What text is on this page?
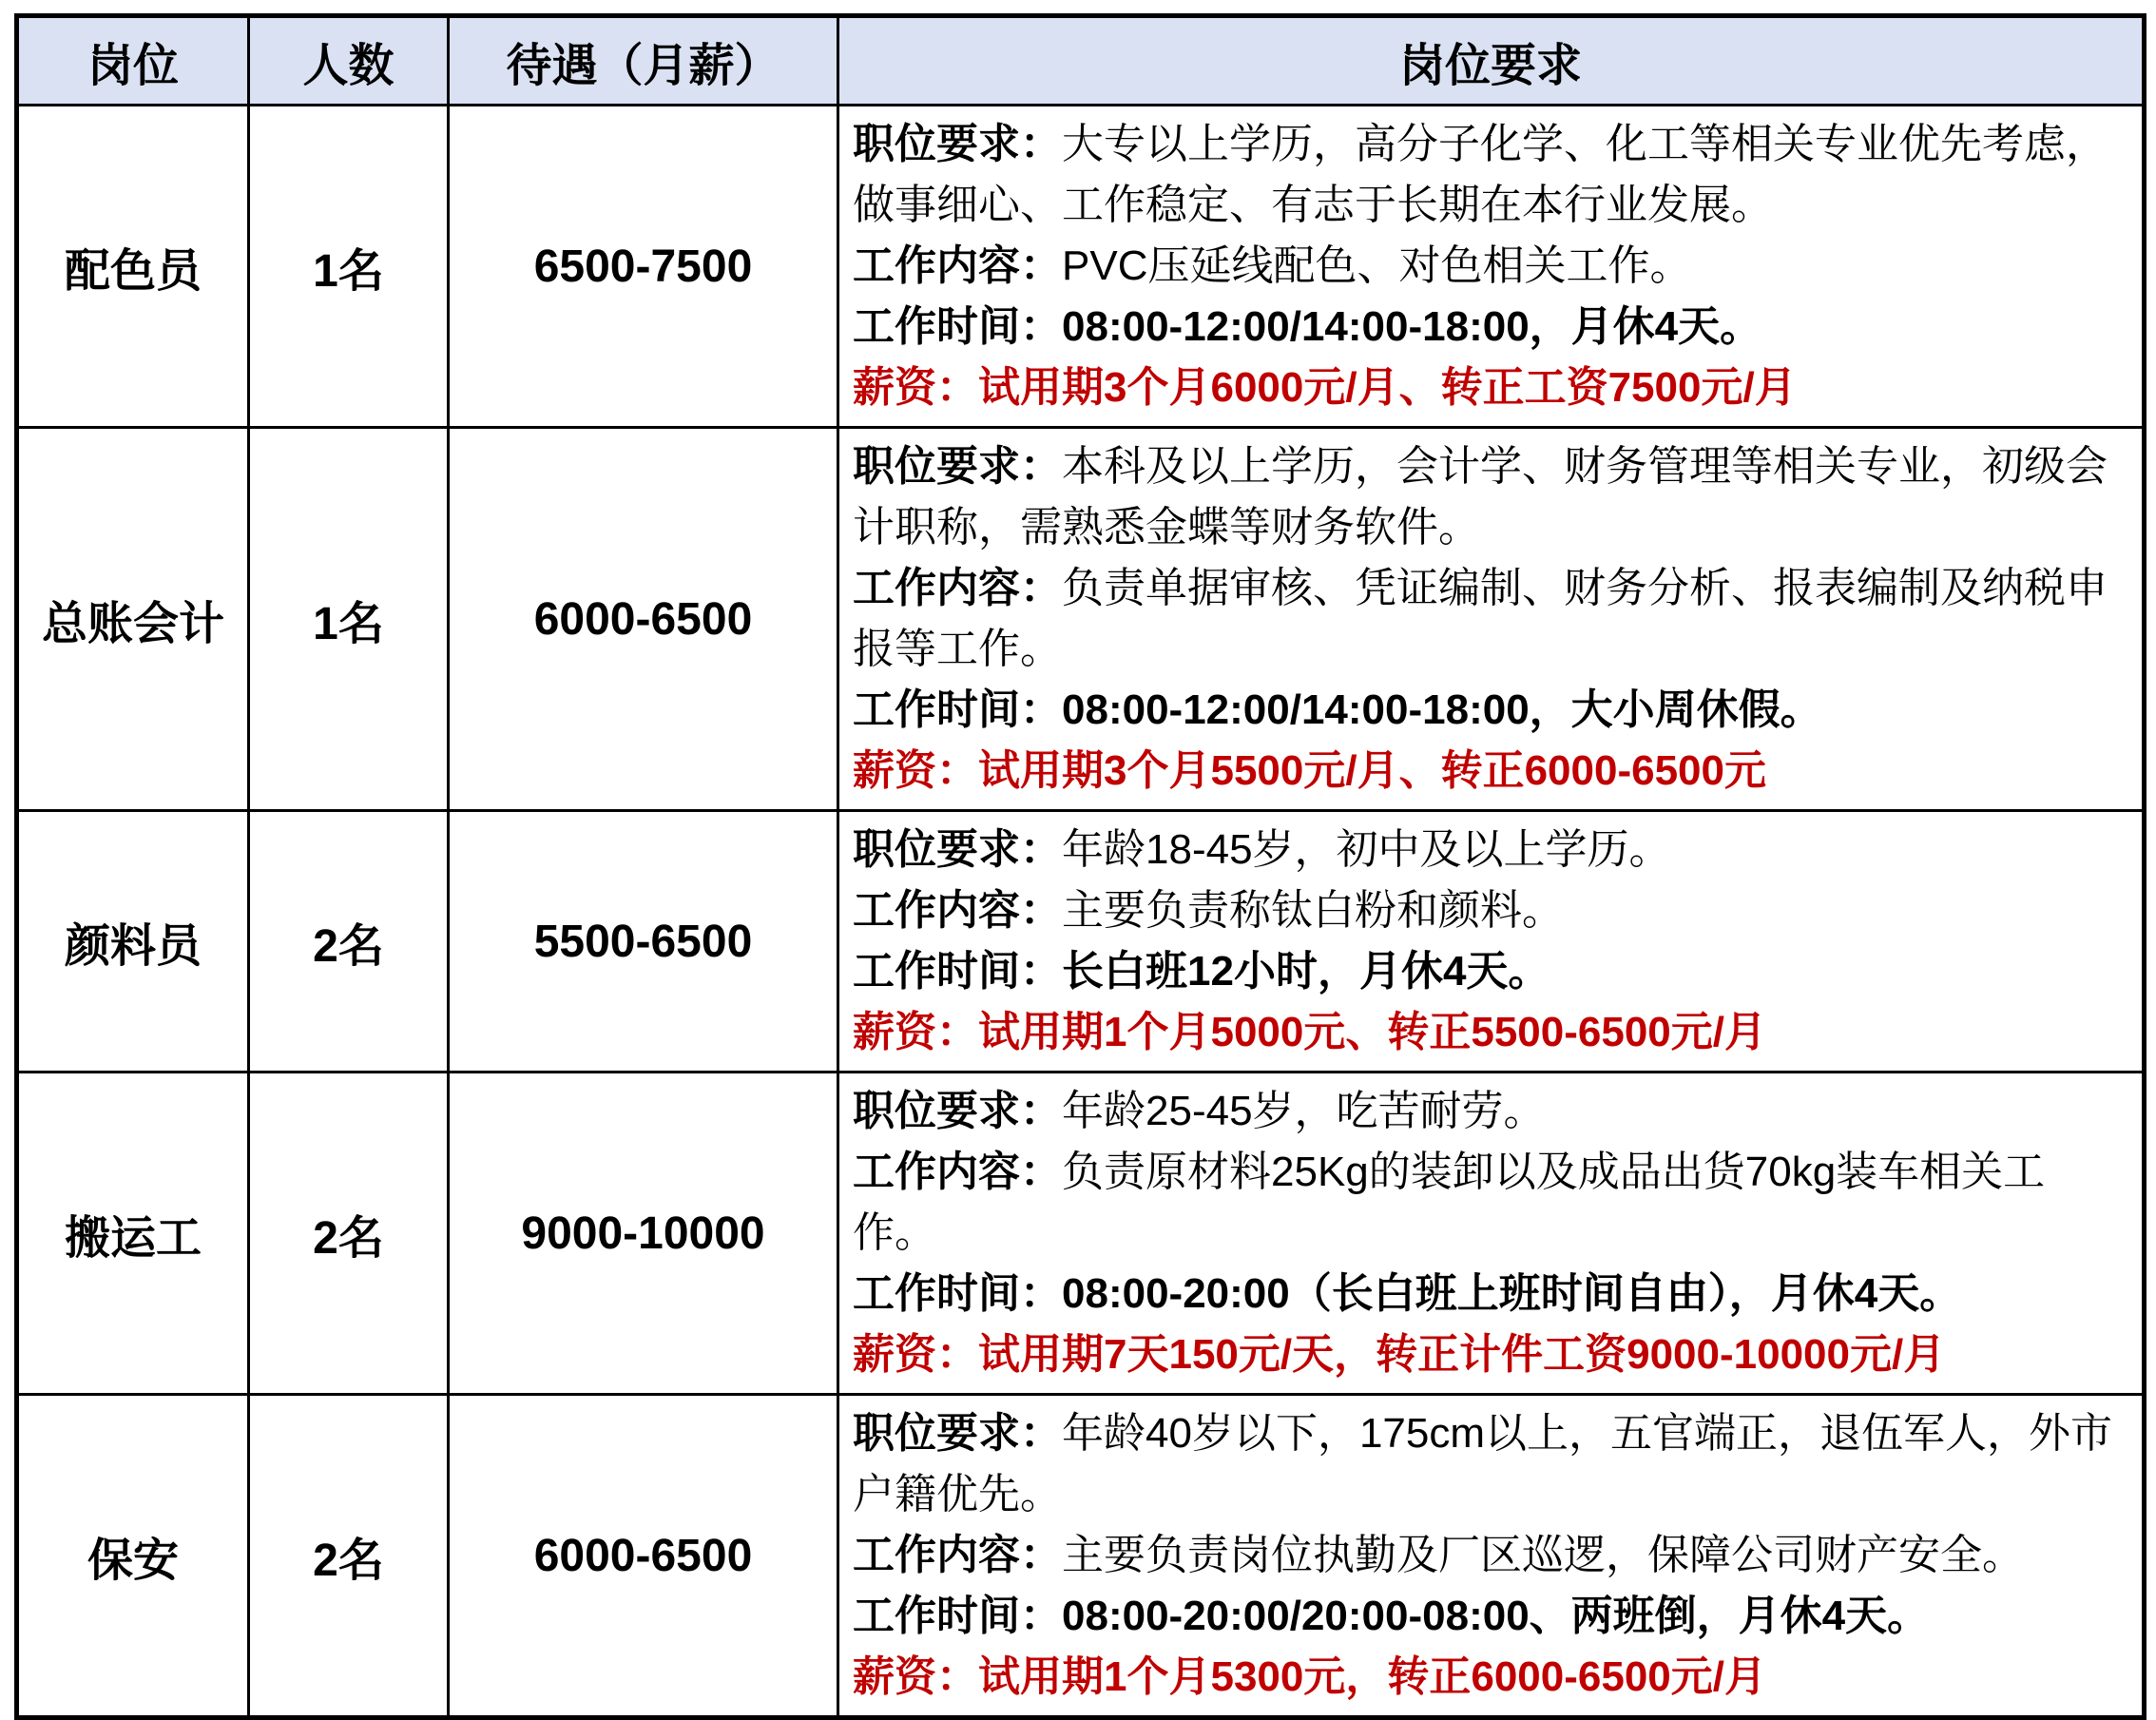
岗位	人数	待遇（月薪）	岗位要求
配色员	1名	6500-7500	职位要求：大专以上学历，高分子化学、化工等相关专业优先考虑，做事细心、工作稳定、有志于长期在本行业发展。

工作内容：PVC压延线配色、对色相关工作。

工作时间：08:00-12:00/14:00-18:00，月休4天。

薪资：试用期3个月6000元/月、转正工资7500元/月

总账会计	1名	6000-6500	职位要求：本科及以上学历，会计学、财务管理等相关专业，初级会计职称，需熟悉金蝶等财务软件。

工作内容：负责单据审核、凭证编制、财务分析、报表编制及纳税申报等工作。

工作时间：08:00-12:00/14:00-18:00，大小周休假。

薪资：试用期3个月5500元/月、转正6000-6500元

颜料员	2名	5500-6500	职位要求：年龄18-45岁，初中及以上学历。

工作内容：主要负责称钛白粉和颜料。

工作时间：长白班12小时，月休4天。

薪资：试用期1个月5000元、转正5500-6500元/月

搬运工	2名	9000-10000	职位要求：年龄25-45岁，吃苦耐劳。

工作内容：负责原材料25Kg的装卸以及成品出货70kg装车相关工作。

工作时间：08:00-20:00（长白班上班时间自由），月休4天。

薪资：试用期7天150元/天，转正计件工资9000-10000元/月

保安	2名	6000-6500	职位要求：年龄40岁以下，175cm以上，五官端正，退伍军人，外市户籍优先。

工作内容：主要负责岗位执勤及厂区巡逻，保障公司财产安全。

工作时间：08:00-20:00/20:00-08:00、两班倒，月休4天。

薪资：试用期1个月5300元，转正6000-6500元/月
